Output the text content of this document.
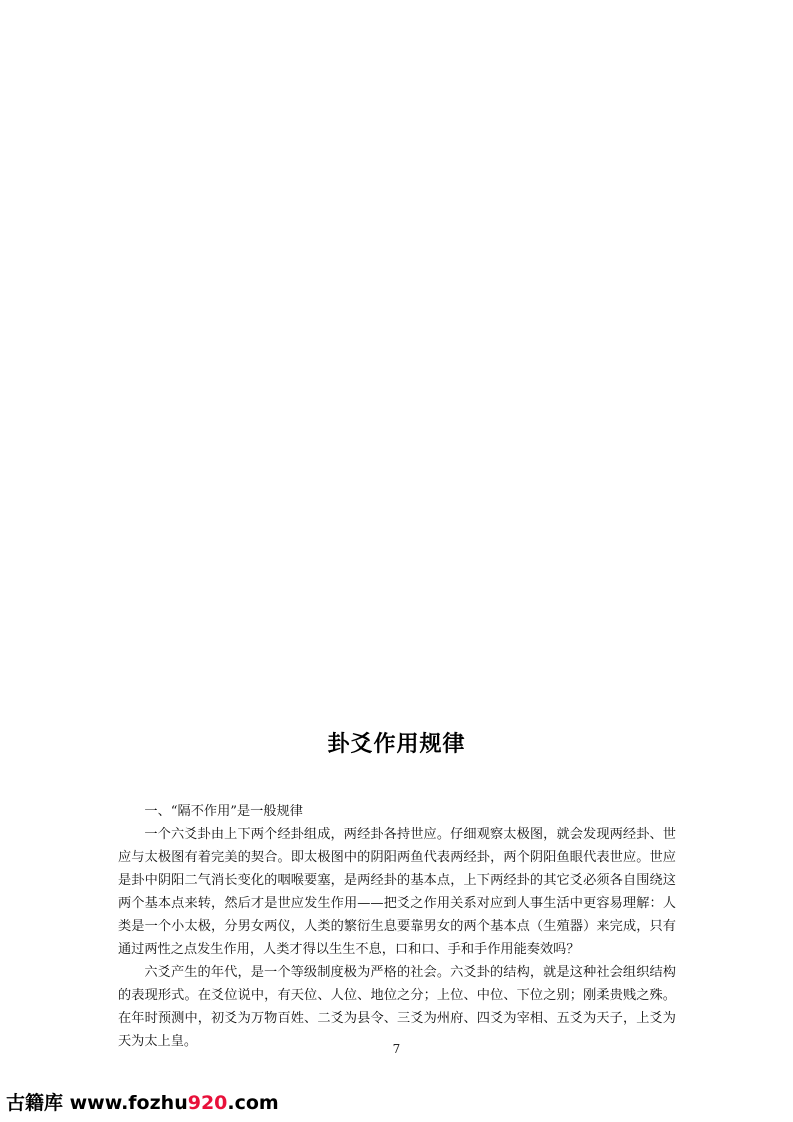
卦爻作用规律

一、“隔不作用”是一般规律

一个六爻卦由上下两个经卦组成，两经卦各持世应。仔细观察太极图，就会发现两经卦、世应与太极图有着完美的契合。即太极图中的阴阳两鱼代表两经卦，两个阴阳鱼眼代表世应。世应是卦中阴阳二气消长变化的咽喉要塞，是两经卦的基本点，上下两经卦的其它爻必须各自围绕这两个基本点来转，然后才是世应发生作用——把爻之作用关系对应到人事生活中更容易理解：人类是一个小太极，分男女两仪，人类的繁衍生息要靠男女的两个基本点（生殖器）来完成，只有通过两性之点发生作用，人类才得以生生不息，口和口、手和手作用能奏效吗？

六爻产生的年代，是一个等级制度极为严格的社会。六爻卦的结构，就是这种社会组织结构的表现形式。在爻位说中，有天位、人位、地位之分；上位、中位、下位之别；刚柔贵贱之殊。在年时预测中，初爻为万物百姓、二爻为县令、三爻为州府、四爻为宰相、五爻为天子，上爻为天为太上皇。	7
古籍库 www.fozhu920.com
